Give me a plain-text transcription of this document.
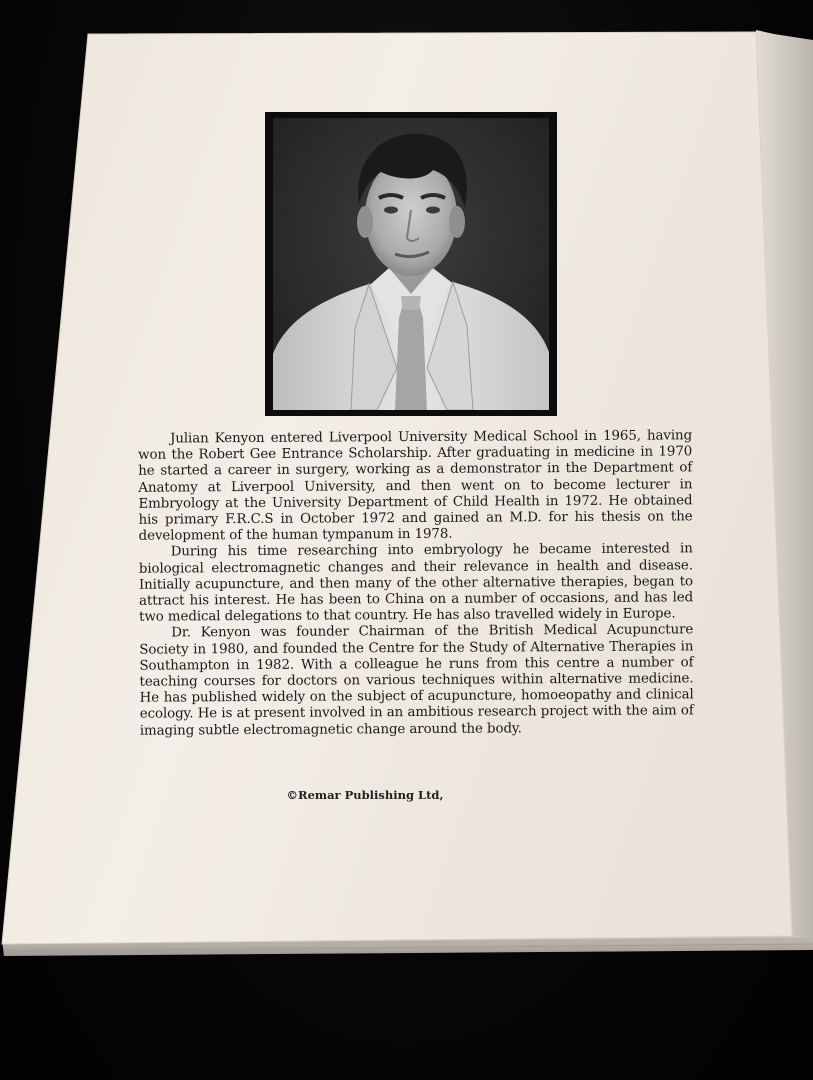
Julian Kenyon entered Liverpool University Medical School in 1965, having won the Robert Gee Entrance Scholarship. After graduating in medicine in 1970 he started a career in surgery, working as a demonstrator in the Department of Anatomy at Liverpool University, and then went on to become lecturer in Embryology at the University Department of Child Health in 1972. He obtained his primary F.R.C.S in October 1972 and gained an M.D. for his thesis on the development of the human tympanum in 1978.

During his time researching into embryology he became interested in biological electromagnetic changes and their relevance in health and disease. Initially acupuncture, and then many of the other alternative therapies, began to attract his interest. He has been to China on a number of occasions, and has led two medical delegations to that country. He has also travelled widely in Europe.

Dr. Kenyon was founder Chairman of the British Medical Acupuncture Society in 1980, and founded the Centre for the Study of Alternative Therapies in Southampton in 1982. With a colleague he runs from this centre a number of teaching courses for doctors on various techniques within alternative medicine. He has published widely on the subject of acupuncture, homoeopathy and clinical ecology. He is at present involved in an ambitious research project with the aim of imaging subtle electromagnetic change around the body.

©Remar Publishing Ltd,
